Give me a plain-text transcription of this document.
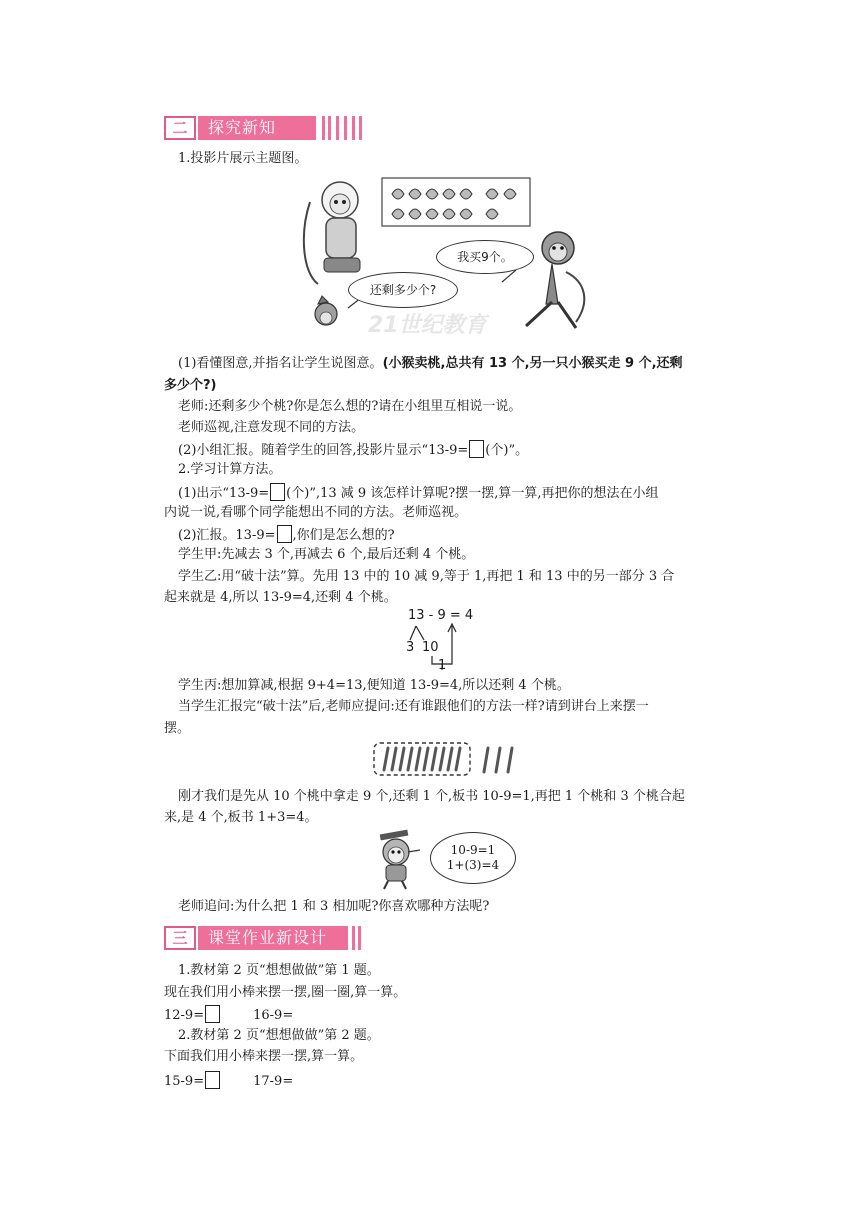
二	探究新知
1.投影片展示主题图。
21世纪教育
我买9个。
还剩多少个?
(1)看懂图意,并指名让学生说图意。(小猴卖桃,总共有 13 个,另一只小猴买走 9 个,还剩
多少个?)
老师:还剩多少个桃?你是怎么想的?请在小组里互相说一说。
老师巡视,注意发现不同的方法。
(2)小组汇报。随着学生的回答,投影片显示“13-9= (个)”。
2.学习计算方法。
(1)出示“13-9= (个)”,13 减 9 该怎样计算呢?摆一摆,算一算,再把你的想法在小组
内说一说,看哪个同学能想出不同的方法。老师巡视。
(2)汇报。13-9= ,你们是怎么想的?
学生甲:先减去 3 个,再减去 6 个,最后还剩 4 个桃。
学生乙:用“破十法”算。先用 13 中的 10 减 9,等于 1,再把 1 和 13 中的另一部分 3 合
起来就是 4,所以 13-9=4,还剩 4 个桃。
13 - 9 = 4
3 10
1
学生丙:想加算减,根据 9+4=13,便知道 13-9=4,所以还剩 4 个桃。
当学生汇报完“破十法”后,老师应提问:还有谁跟他们的方法一样?请到讲台上来摆一
摆。
刚才我们是先从 10 个桃中拿走 9 个,还剩 1 个,板书 10-9=1,再把 1 个桃和 3 个桃合起
来,是 4 个,板书 1+3=4。
10-9=1
1+(3)=4
老师追问:为什么把 1 和 3 相加呢?你喜欢哪种方法呢?
三	课堂作业新设计
1.教材第 2 页“想想做做”第 1 题。
现在我们用小棒来摆一摆,圈一圈,算一算。
12-9=	16-9=
2.教材第 2 页“想想做做”第 2 题。
下面我们用小棒来摆一摆,算一算。
15-9=	17-9=
